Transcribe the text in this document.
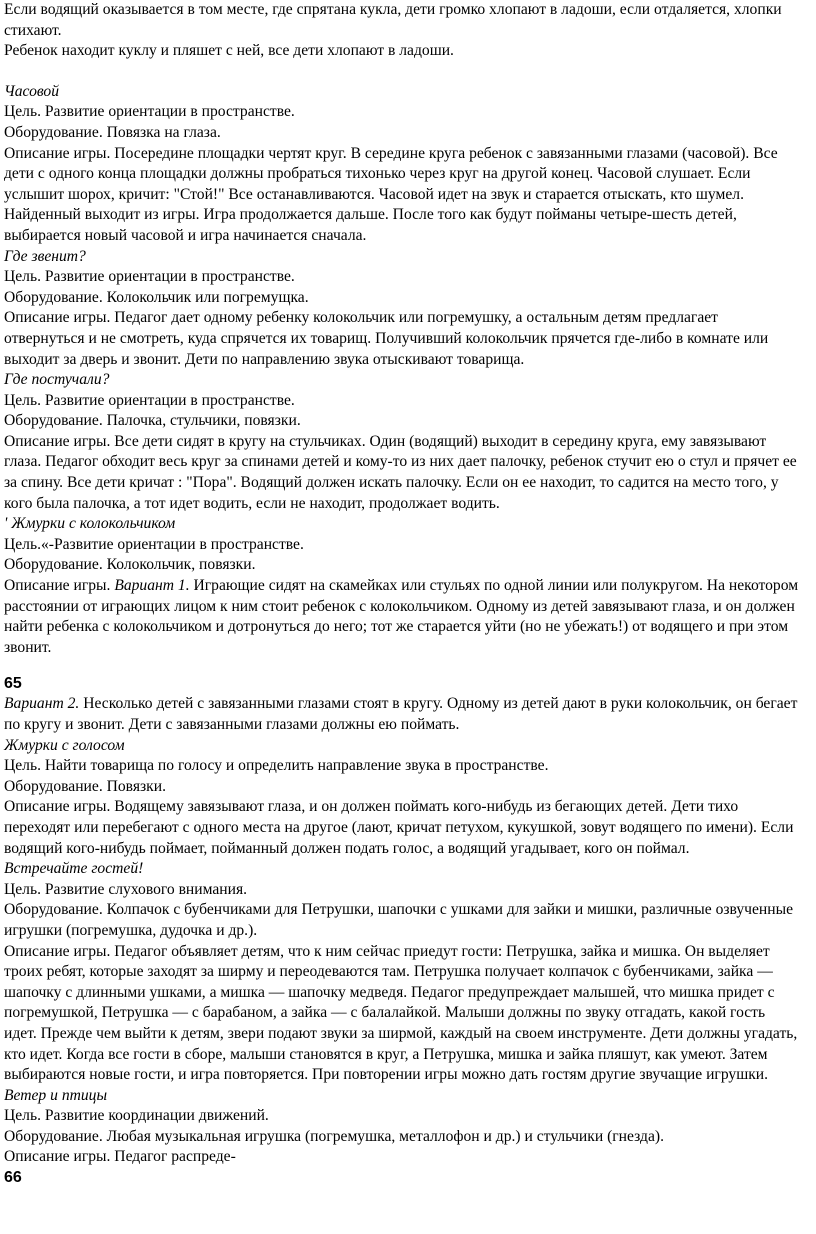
Если водящий оказывается в том месте, где спрятана кукла, дети громко хлопают в ладоши, если отдаляется, хлопки стихают.

Ребенок находит куклу и пляшет с ней, все дети хлопают в ладоши.

Часовой

Цель. Развитие ориентации в пространстве.

Оборудование. Повязка на глаза.

Описание игры. Посередине площадки чертят круг. В середине круга ребенок с завязанными глазами (часовой). Все дети с одного конца площадки должны пробраться тихонько через круг на другой конец. Часовой слушает. Если услышит шорох, кричит: "Стой!" Все останавливаются. Часовой идет на звук и старается отыскать, кто шумел. Найденный выходит из игры. Игра продолжается дальше. После того как будут пойманы четыре-шесть детей, выбирается новый часовой и игра начинается сначала.

Где звенит?

Цель. Развитие ориентации в пространстве.

Оборудование. Колокольчик или погремущка.

Описание игры. Педагог дает одному ребенку колокольчик или погремушку, а остальным детям предлагает отвернуться и не смотреть, куда спрячется их товарищ. Получивший колокольчик прячется где-либо в комнате или выходит за дверь и звонит. Дети по направлению звука отыскивают товарища.

Где постучали?

Цель. Развитие ориентации в пространстве.

Оборудование. Палочка, стульчики, повязки.

Описание игры. Все дети сидят в кругу на стульчиках. Один (водящий) выходит в середину круга, ему завязывают глаза. Педагог обходит весь круг за спинами детей и кому-то из них дает палочку, ребенок стучит ею о стул и прячет ее за спину. Все дети кричат : "Пора". Водящий должен искать палочку. Если он ее находит, то садится на место того, у кого была палочка, а тот идет водить, если не находит, продолжает водить.

' Жмурки с колокольчиком

Цель.«-Развитие ориентации в пространстве.

Оборудование. Колокольчик, повязки.

Описание игры. Вариант 1. Играющие сидят на скамейках или стульях по одной линии или полукругом. На некотором расстоянии от играющих лицом к ним стоит ребенок с колокольчиком. Одному из детей завязывают глаза, и он должен найти ребенка с колокольчиком и дотронуться до него; тот же старается уйти (но не убежать!) от водящего и при этом звонит.

65

Вариант 2. Несколько детей с завязанными глазами стоят в кругу. Одному из детей дают в руки колокольчик, он бегает по кругу и звонит. Дети с завязанными глазами должны ею поймать.

Жмурки с голосом

Цель. Найти товарища по голосу и определить направление звука в пространстве.

Оборудование. Повязки.

Описание игры. Водящему завязывают глаза, и он должен поймать кого-нибудь из бегающих детей. Дети тихо переходят или перебегают с одного места на другое (лают, кричат петухом, кукушкой, зовут водящего по имени). Если водящий кого-нибудь поймает, пойманный должен подать голос, а водящий угадывает, кого он поймал.

Встречайте гостей!

Цель. Развитие слухового внимания.

Оборудование. Колпачок с бубенчиками для Петрушки, шапочки с ушками для зайки и мишки, различные озвученные игрушки (погремушка, дудочка и др.).

Описание игры. Педагог объявляет детям, что к ним сейчас приедут гости: Петрушка, зайка и мишка. Он выделяет троих ребят, которые заходят за ширму и переодеваются там. Петрушка получает колпачок с бубенчиками, зайка — шапочку с длинными ушками, а мишка — шапочку медведя. Педагог предупреждает малышей, что мишка придет с погремушкой, Петрушка — с барабаном, а зайка — с балалайкой. Малыши должны по звуку отгадать, какой гость идет. Прежде чем выйти к детям, звери подают звуки за ширмой, каждый на своем инструменте. Дети должны угадать, кто идет. Когда все гости в сборе, малыши становятся в круг, а Петрушка, мишка и зайка пляшут, как умеют. Затем выбираются новые гости, и игра повторяется. При повторении игры можно дать гостям другие звучащие игрушки.

Ветер и птицы

Цель. Развитие координации движений.

Оборудование. Любая музыкальная игрушка (погремушка, металлофон и др.) и стульчики (гнезда).

Описание игры. Педагог распреде-

66
